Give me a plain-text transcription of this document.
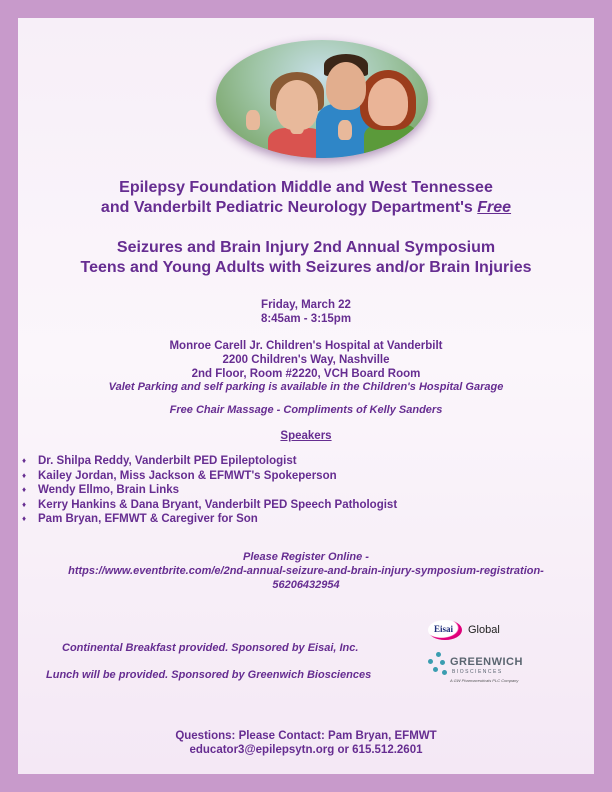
Epilepsy Foundation Middle and West Tennessee
and Vanderbilt Pediatric Neurology Department's Free
Seizures and Brain Injury 2nd Annual Symposium
Teens and Young Adults with Seizures and/or Brain Injuries
Friday, March 22
8:45am - 3:15pm
Monroe Carell Jr. Children's Hospital at Vanderbilt
2200 Children's Way, Nashville
2nd Floor, Room #2220, VCH Board Room
Valet Parking and self parking is available in the Children's Hospital Garage
Free Chair Massage - Compliments of Kelly Sanders
Speakers
♦ Dr. Shilpa Reddy, Vanderbilt PED Epileptologist
♦ Kailey Jordan, Miss Jackson & EFMWT's Spokeperson
♦ Wendy Ellmo, Brain Links
♦ Kerry Hankins & Dana Bryant, Vanderbilt PED Speech Pathologist
♦ Pam Bryan, EFMWT & Caregiver for Son
Please Register Online -
https://www.eventbrite.com/e/2nd-annual-seizure-and-brain-injury-symposium-registration-
56206432954
Continental Breakfast provided. Sponsored by Eisai, Inc.
Lunch will be provided. Sponsored by Greenwich Biosciences
Eisai Global
GREENWICH
BIOSCIENCES
A GW Pharmaceuticals PLC Company
Questions: Please Contact: Pam Bryan, EFMWT
educator3@epilepsytn.org or 615.512.2601
